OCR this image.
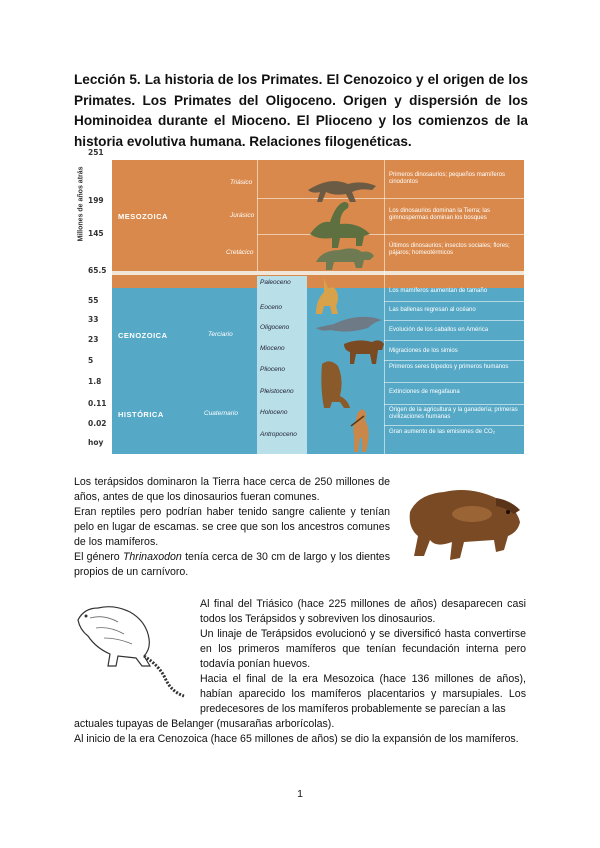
Lección 5. La historia de los Primates. El Cenozoico y el origen de los Primates. Los Primates del Oligoceno. Origen y dispersión de los Hominoidea durante el Mioceno. El Plioceno y los comienzos de la historia evolutiva humana. Relaciones filogenéticas.
Millones de años atrás
251
199
145
65.5
55
33
23
5
1.8
0.11
0.02
hoy
MESOZOICA
CENOZOICA
HISTÓRICA
Triásico
Jurásico
Cretácico
Terciario
Cuaternario
Paleoceno
Eoceno
Oligoceno
Mioceno
Plioceno
Pleistoceno
Holoceno
Antropoceno
Primeros dinosaurios; pequeños mamíferos cinodontos
Los dinosaurios dominan la Tierra; las gimnospermas dominan los bosques
Últimos dinosaurios; insectos sociales; flores; pájaros; homeotérmicos
Los mamíferos aumentan de tamaño
Las ballenas regresan al océano
Evolución de los caballos en América
Migraciones de los simios
Primeros seres bípedos y primeros humanos
Extinciones de megafauna
Origen de la agricultura y la ganadería; primeras civilizaciones humanas
Gran aumento de las emisiones de CO₂
Los terápsidos dominaron la Tierra hace cerca de 250 millones de años, antes de que los dinosaurios fueran comunes.
Eran reptiles pero podrían haber tenido sangre caliente y tenían pelo en lugar de escamas. se cree que son los ancestros comunes de los mamíferos.
El género Thrinaxodon tenía cerca de 30 cm de largo y los dientes propios de un carnívoro.
Al final del Triásico (hace 225 millones de años) desaparecen casi todos los Terápsidos y sobreviven los dinosaurios.
Un linaje de Terápsidos evolucionó y se diversificó hasta convertirse en los primeros mamíferos que tenían fecundación interna pero todavía ponían huevos.
Hacia el final de la era Mesozoica (hace 136 millones de años), habían aparecido los mamíferos placentarios y marsupiales. Los predecesores de los mamíferos probablemente se parecían a las

actuales tupayas de Belanger (musarañas arborícolas).

Al inicio de la era Cenozoica (hace 65 millones de años) se dio la expansión de los mamíferos.

1
